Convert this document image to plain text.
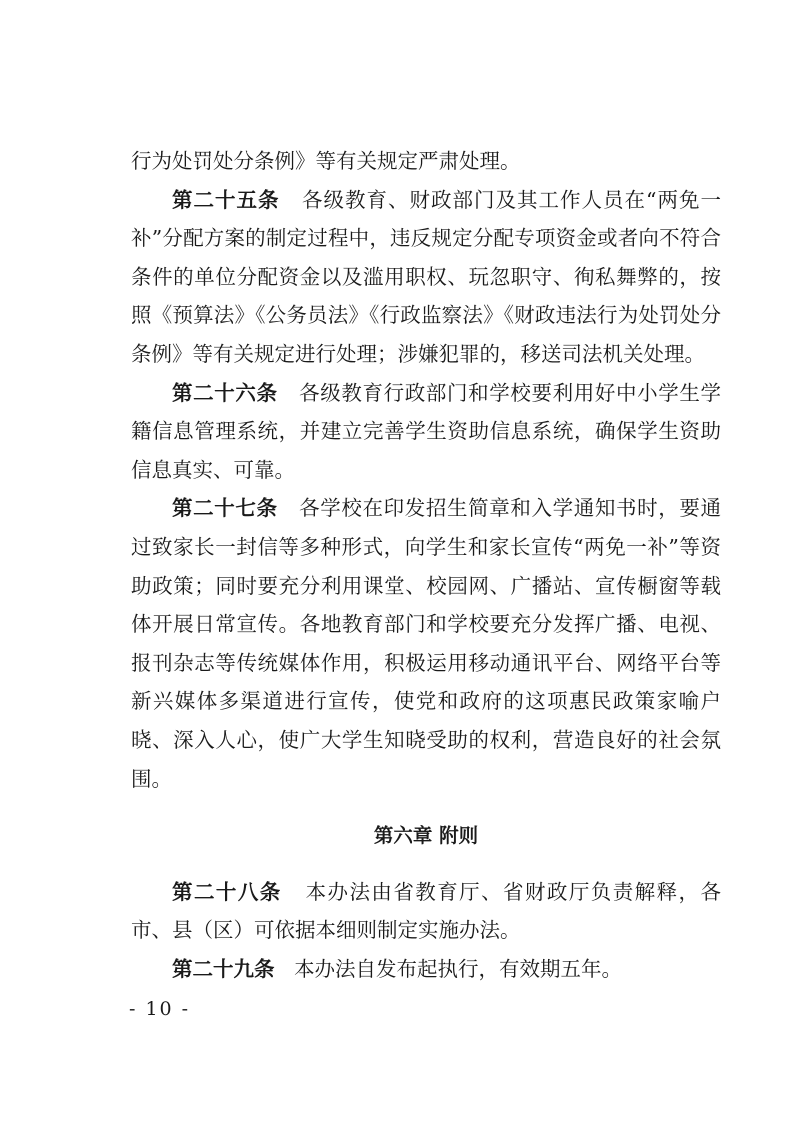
行为处罚处分条例》等有关规定严肃处理。

第二十五条 各级教育、财政部门及其工作人员在“两免一补”分配方案的制定过程中，违反规定分配专项资金或者向不符合条件的单位分配资金以及滥用职权、玩忽职守、徇私舞弊的，按照《预算法》《公务员法》《行政监察法》《财政违法行为处罚处分条例》等有关规定进行处理；涉嫌犯罪的，移送司法机关处理。

第二十六条 各级教育行政部门和学校要利用好中小学生学籍信息管理系统，并建立完善学生资助信息系统，确保学生资助信息真实、可靠。

第二十七条 各学校在印发招生简章和入学通知书时，要通过致家长一封信等多种形式，向学生和家长宣传“两免一补”等资助政策；同时要充分利用课堂、校园网、广播站、宣传橱窗等载体开展日常宣传。各地教育部门和学校要充分发挥广播、电视、报刊杂志等传统媒体作用，积极运用移动通讯平台、网络平台等新兴媒体多渠道进行宣传，使党和政府的这项惠民政策家喻户晓、深入人心，使广大学生知晓受助的权利，营造良好的社会氛围。

第六章 附则

第二十八条 本办法由省教育厅、省财政厅负责解释，各市、县（区）可依据本细则制定实施办法。

第二十九条 本办法自发布起执行，有效期五年。

- 10 -
